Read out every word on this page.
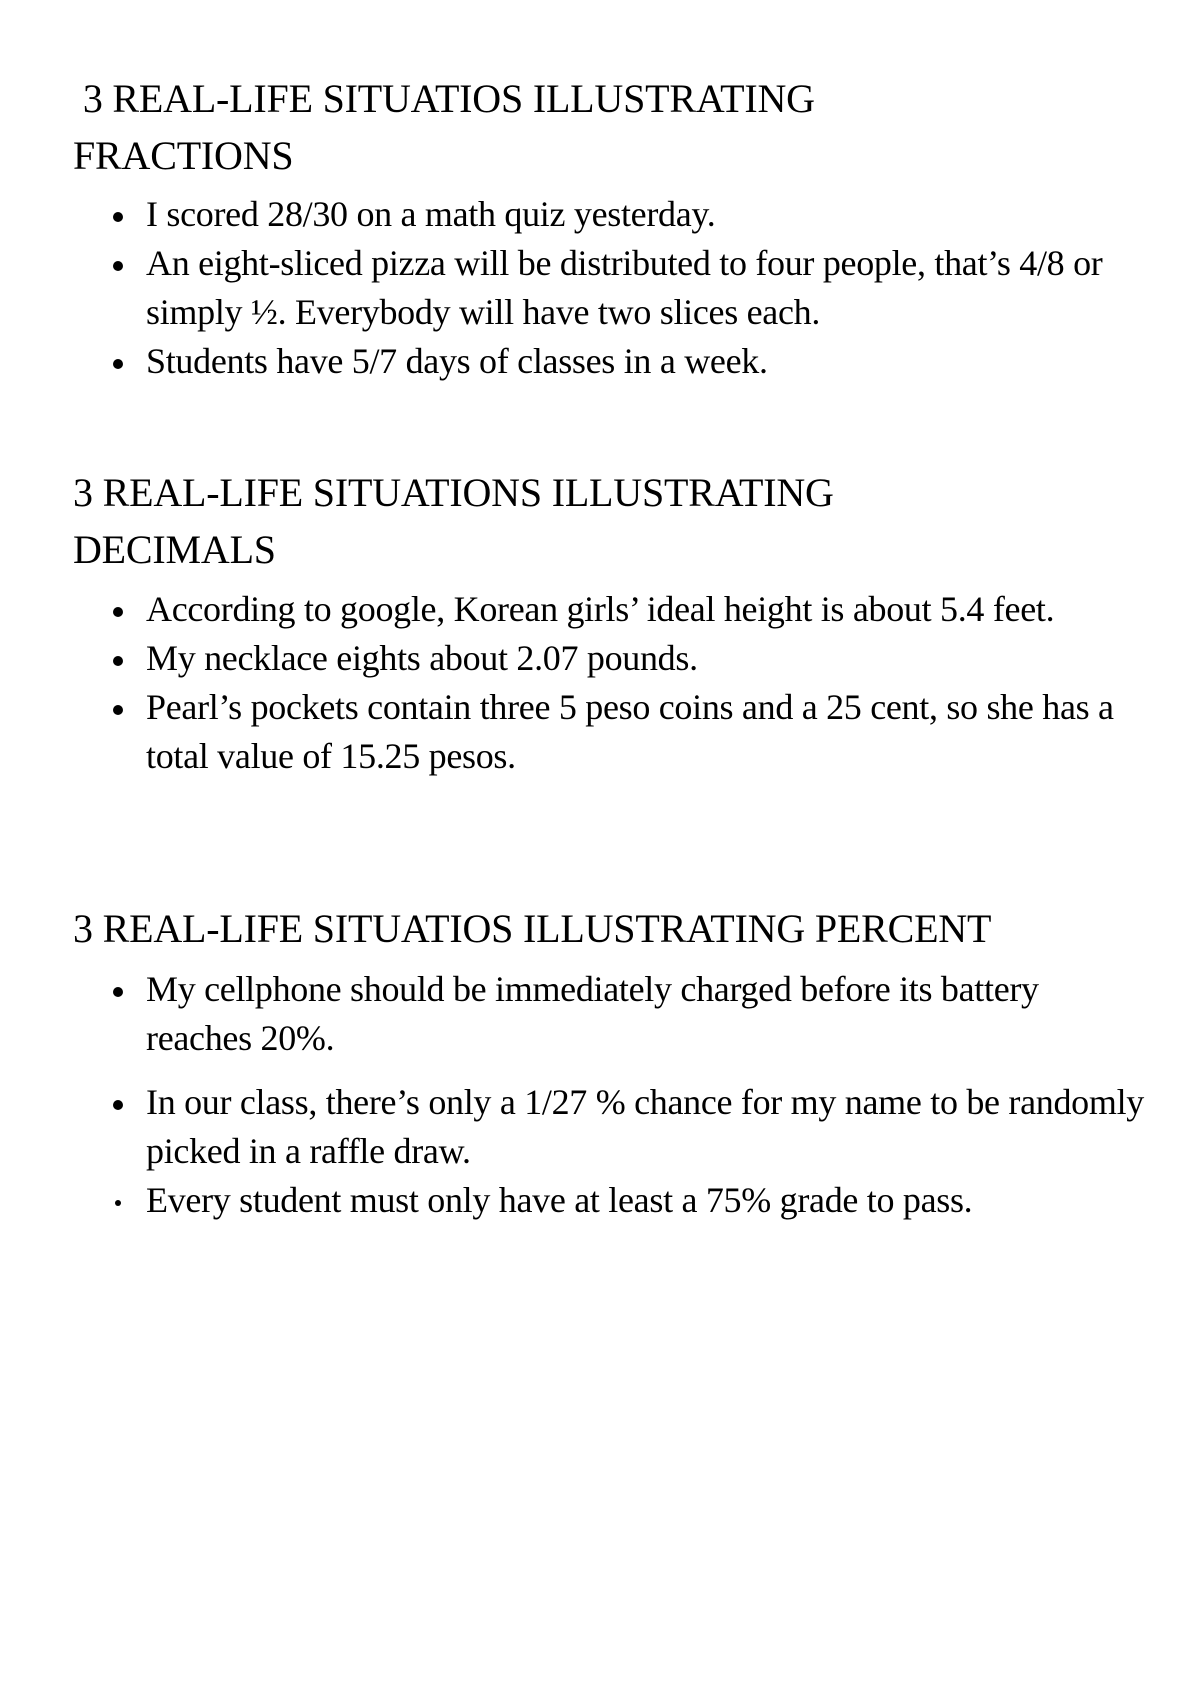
3 REAL-LIFE SITUATIOS ILLUSTRATING
FRACTIONS
I scored 28/30 on a math quiz yesterday.
An eight-sliced pizza will be distributed to four people, that’s 4/8 or simply ½. Everybody will have two slices each.
Students have 5/7 days of classes in a week.
3 REAL-LIFE SITUATIONS ILLUSTRATING
DECIMALS
According to google, Korean girls’ ideal height is about 5.4 feet.
My necklace eights about 2.07 pounds.
Pearl’s pockets contain three 5 peso coins and a 25 cent, so she has a total value of 15.25 pesos.
3 REAL-LIFE SITUATIOS ILLUSTRATING PERCENT
My cellphone should be immediately charged before its battery reaches 20%.
In our class, there’s only a 1/27 % chance for my name to be randomly picked in a raffle draw.
Every student must only have at least a 75% grade to pass.
